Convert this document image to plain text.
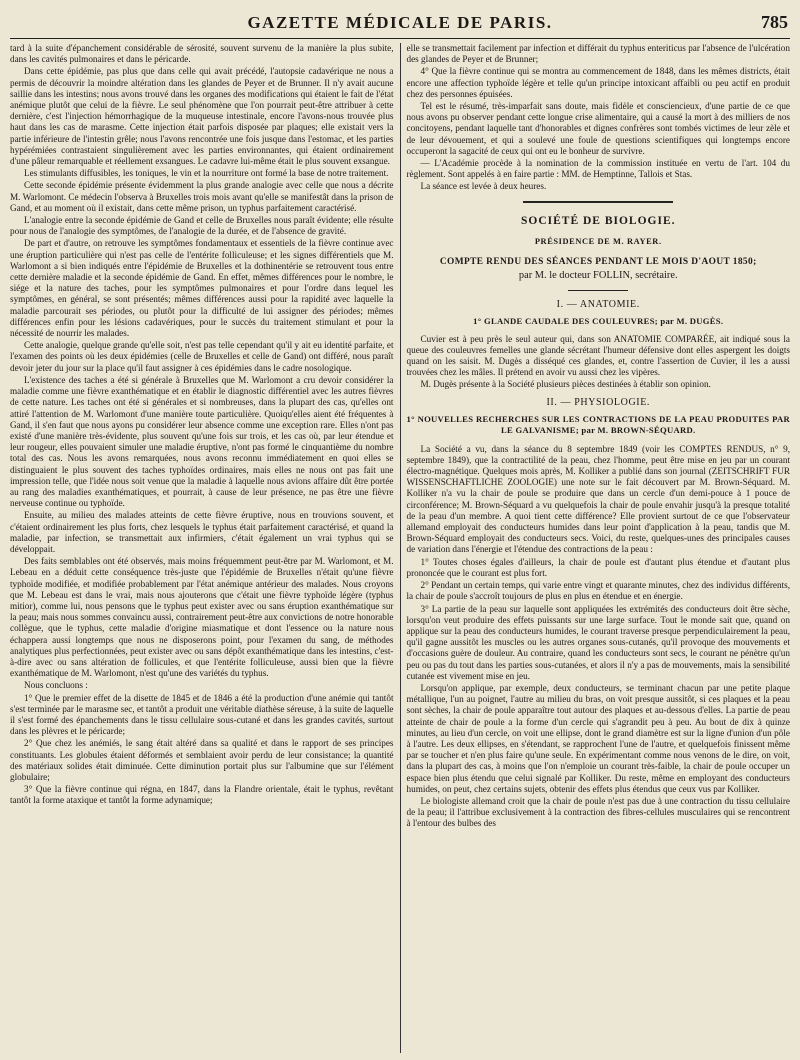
GAZETTE MÉDICALE DE PARIS.	785

tard à la suite d'épanchement considérable de sérosité, souvent survenu de la manière la plus subite, dans les cavités pulmonaires et dans le péricarde.

Dans cette épidémie, pas plus que dans celle qui avait précédé, l'autopsie cadavérique ne nous a permis de découvrir la moindre altération dans les glandes de Peyer et de Brunner. Il n'y avait aucune saillie dans les intestins; nous avons trouvé dans les organes des modifications qui étaient le fait de l'état anémique plutôt que celui de la fièvre. Le seul phénomène que l'on pourrait peut-être attribuer à cette dernière, c'est l'injection hémorrhagique de la muqueuse intestinale, encore l'avons-nous trouvée plus haut dans les cas de marasme. Cette injection était parfois disposée par plaques; elle existait vers la partie inférieure de l'intestin grêle; nous l'avons rencontrée une fois jusque dans l'estomac, et les parties hypérémiées contrastaient singulièrement avec les parties environnantes, qui étaient ordinairement d'une pâleur remarquable et réellement exsangues. Le cadavre lui-même était le plus souvent exsangue.

Les stimulants diffusibles, les toniques, le vin et la nourriture ont formé la base de notre traitement.

Cette seconde épidémie présente évidemment la plus grande analogie avec celle que nous a décrite M. Warlomont. Ce médecin l'observa à Bruxelles trois mois avant qu'elle se manifestât dans la prison de Gand, et au moment où il existait, dans cette même prison, un typhus parfaitement caractérisé.

L'analogie entre la seconde épidémie de Gand et celle de Bruxelles nous paraît évidente; elle résulte pour nous de l'analogie des symptômes, de l'analogie de la durée, et de l'absence de gravité.

De part et d'autre, on retrouve les symptômes fondamentaux et essentiels de la fièvre continue avec une éruption particulière qui n'est pas celle de l'entérite folliculeuse; et les signes différentiels que M. Warlomont a si bien indiqués entre l'épidémie de Bruxelles et la dothinentérie se retrouvent tous entre cette dernière maladie et la seconde épidémie de Gand. En effet, mêmes différences pour le nombre, le siége et la nature des taches, pour les symptômes pulmonaires et pour l'ordre dans lequel les symptômes, en général, se sont présentés; mêmes différences aussi pour la rapidité avec laquelle la maladie parcourait ses périodes, ou plutôt pour la difficulté de lui assigner des périodes; mêmes différences enfin pour les lésions cadavériques, pour le succès du traitement stimulant et pour la nécessité de nourrir les malades.

Cette analogie, quelque grande qu'elle soit, n'est pas telle cependant qu'il y ait eu identité parfaite, et l'examen des points où les deux épidémies (celle de Bruxelles et celle de Gand) ont différé, nous paraît devoir jeter du jour sur la place qu'il faut assigner à ces épidémies dans le cadre nosologique.

L'existence des taches a été si générale à Bruxelles que M. Warlomont a cru devoir considérer la maladie comme une fièvre exanthématique et en établir le diagnostic différentiel avec les autres fièvres de cette nature. Les taches ont été si générales et si nombreuses, dans la plupart des cas, qu'elles ont attiré l'attention de M. Warlomont d'une manière toute particulière. Quoiqu'elles aient été fréquentes à Gand, il s'en faut que nous ayons pu considérer leur absence comme une exception rare. Elles n'ont pas existé d'une manière très-évidente, plus souvent qu'une fois sur trois, et les cas où, par leur étendue et leur rougeur, elles pouvaient simuler une maladie éruptive, n'ont pas formé le cinquantième du nombre total des cas. Nous les avons remarquées, nous avons reconnu immédiatement en quoi elles se distinguaient le plus souvent des taches typhoïdes ordinaires, mais elles ne nous ont pas fait une impression telle, que l'idée nous soit venue que la maladie à laquelle nous avions affaire dût être portée au rang des maladies exanthématiques, et pourrait, à cause de leur présence, ne pas être une fièvre nerveuse continue ou typhoïde.

Ensuite, au milieu des malades atteints de cette fièvre éruptive, nous en trouvions souvent, et c'étaient ordinairement les plus forts, chez lesquels le typhus était parfaitement caractérisé, et quand la maladie, par infection, se transmettait aux infirmiers, c'était également un vrai typhus qui se développait.

Des faits semblables ont été observés, mais moins fréquemment peut-être par M. Warlomont, et M. Lebeau en a déduit cette conséquence très-juste que l'épidémie de Bruxelles n'était qu'une fièvre typhoïde modifiée, et modifiée probablement par l'état anémique antérieur des malades. Nous croyons que M. Lebeau est dans le vrai, mais nous ajouterons que c'était une fièvre typhoïde légère (typhus mitior), comme lui, nous pensons que le typhus peut exister avec ou sans éruption exanthématique sur la peau; mais nous sommes convaincu aussi, contrairement peut-être aux convictions de notre honorable collègue, que le typhus, cette maladie d'origine miasmatique et dont l'essence ou la nature nous échappera aussi longtemps que nous ne disposerons point, pour l'examen du sang, de méthodes analytiques plus perfectionnées, peut exister avec ou sans dépôt exanthématique dans les intestins, c'est-à-dire avec ou sans altération de follicules, et que l'entérite folliculeuse, aussi bien que la fièvre exanthématique de M. Warlomont, n'est qu'une des variétés du typhus.

Nous concluons :

1° Que le premier effet de la disette de 1845 et de 1846 a été la production d'une anémie qui tantôt s'est terminée par le marasme sec, et tantôt a produit une véritable diathèse séreuse, à la suite de laquelle il s'est formé des épanchements dans le tissu cellulaire sous-cutané et dans les grandes cavités, surtout dans les plèvres et le péricarde;

2° Que chez les anémiés, le sang était altéré dans sa qualité et dans le rapport de ses principes constituants. Les globules étaient déformés et semblaient avoir perdu de leur consistance; la quantité des matériaux solides était diminuée. Cette diminution portait plus sur l'albumine que sur l'élément globulaire;

3° Que la fièvre continue qui régna, en 1847, dans la Flandre orientale, était le typhus, revêtant tantôt la forme ataxique et tantôt la forme adynamique;

elle se transmettait facilement par infection et différait du typhus enteriticus par l'absence de l'ulcération des glandes de Peyer et de Brunner;

4° Que la fièvre continue qui se montra au commencement de 1848, dans les mêmes districts, était encore une affection typhoïde légère et telle qu'un principe intoxicant affaibli ou peu actif en produit chez des personnes épuisées.

Tel est le résumé, très-imparfait sans doute, mais fidèle et consciencieux, d'une partie de ce que nous avons pu observer pendant cette longue crise alimentaire, qui a causé la mort à des milliers de nos concitoyens, pendant laquelle tant d'honorables et dignes confrères sont tombés victimes de leur zèle et de leur dévouement, et qui a soulevé une foule de questions scientifiques qui longtemps encore occuperont la sagacité de ceux qui ont eu le bonheur de survivre.

— L'Académie procède à la nomination de la commission instituée en vertu de l'art. 104 du règlement. Sont appelés à en faire partie : MM. de Hemptinne, Tallois et Stas.

La séance est levée à deux heures.

SOCIÉTÉ DE BIOLOGIE.
PRÉSIDENCE DE M. RAYER.
COMPTE RENDU DES SÉANCES PENDANT LE MOIS D'AOUT 1850;
par M. le docteur FOLLIN, secrétaire.
I. — ANATOMIE.
1° GLANDE CAUDALE DES COULEUVRES; par M. DUGÈS.

Cuvier est à peu près le seul auteur qui, dans son ANATOMIE COMPARÉE, ait indiqué sous la queue des couleuvres femelles une glande sécrétant l'humeur défensive dont elles aspergent les doigts quand on les saisit. M. Dugès a disséqué ces glandes, et, contre l'assertion de Cuvier, il les a aussi trouvées chez les mâles. Il prétend en avoir vu aussi chez les vipères.

M. Dugès présente à la Société plusieurs pièces destinées à établir son opinion.

II. — PHYSIOLOGIE.
1° NOUVELLES RECHERCHES SUR LES CONTRACTIONS DE LA PEAU PRODUITES PAR LE GALVANISME; par M. BROWN-SÉQUARD.

La Société a vu, dans la séance du 8 septembre 1849 (voir les COMPTES RENDUS, n° 9, septembre 1849), que la contractilité de la peau, chez l'homme, peut être mise en jeu par un courant électro-magnétique. Quelques mois après, M. Kolliker a publié dans son journal (ZEITSCHRIFT FUR WISSENSCHAFTLICHE ZOOLOGIE) une note sur le fait découvert par M. Brown-Séquard. M. Kolliker n'a vu la chair de poule se produire que dans un cercle d'un demi-pouce à 1 pouce de circonférence; M. Brown-Séquard a vu quelquefois la chair de poule envahir jusqu'à la presque totalité de la peau d'un membre. A quoi tient cette différence? Elle provient surtout de ce que l'observateur allemand employait des conducteurs humides dans leur point d'application à la peau, tandis que M. Brown-Séquard employait des conducteurs secs. Voici, du reste, quelques-unes des principales causes de variation dans l'énergie et l'étendue des contractions de la peau :

1° Toutes choses égales d'ailleurs, la chair de poule est d'autant plus étendue et d'autant plus prononcée que le courant est plus fort.

2° Pendant un certain temps, qui varie entre vingt et quarante minutes, chez des individus différents, la chair de poule s'accroît toujours de plus en plus en étendue et en énergie.

3° La partie de la peau sur laquelle sont appliquées les extrémités des conducteurs doit être sèche, lorsqu'on veut produire des effets puissants sur une large surface. Tout le monde sait que, quand on applique sur la peau des conducteurs humides, le courant traverse presque perpendiculairement la peau, qu'il gagne aussitôt les muscles ou les autres organes sous-cutanés, qu'il provoque des mouvements et d'occasions guère de douleur. Au contraire, quand les conducteurs sont secs, le courant ne pénètre qu'un peu ou pas du tout dans les parties sous-cutanées, et alors il n'y a pas de mouvements, mais la sensibilité cutanée est vivement mise en jeu.

Lorsqu'on applique, par exemple, deux conducteurs, se terminant chacun par une petite plaque métallique, l'un au poignet, l'autre au milieu du bras, on voit presque aussitôt, si ces plaques et la peau sont sèches, la chair de poule apparaître tout autour des plaques et au-dessous d'elles. La partie de peau atteinte de chair de poule a la forme d'un cercle qui s'agrandit peu à peu. Au bout de dix à quinze minutes, au lieu d'un cercle, on voit une ellipse, dont le grand diamètre est sur la ligne d'union d'un pôle à l'autre. Les deux ellipses, en s'étendant, se rapprochent l'une de l'autre, et quelquefois finissent même par se toucher et n'en plus faire qu'une seule. En expérimentant comme nous venons de le dire, on voit, dans la plupart des cas, à moins que l'on n'emploie un courant très-faible, la chair de poule occuper un espace bien plus étendu que celui signalé par Kolliker. Du reste, même en employant des conducteurs humides, on peut, chez certains sujets, obtenir des effets plus étendus que ceux vus par Kolliker.

Le biologiste allemand croit que la chair de poule n'est pas due à une contraction du tissu cellulaire de la peau; il l'attribue exclusivement à la contraction des fibres-cellules musculaires qui se rencontrent à l'entour des bulbes des
